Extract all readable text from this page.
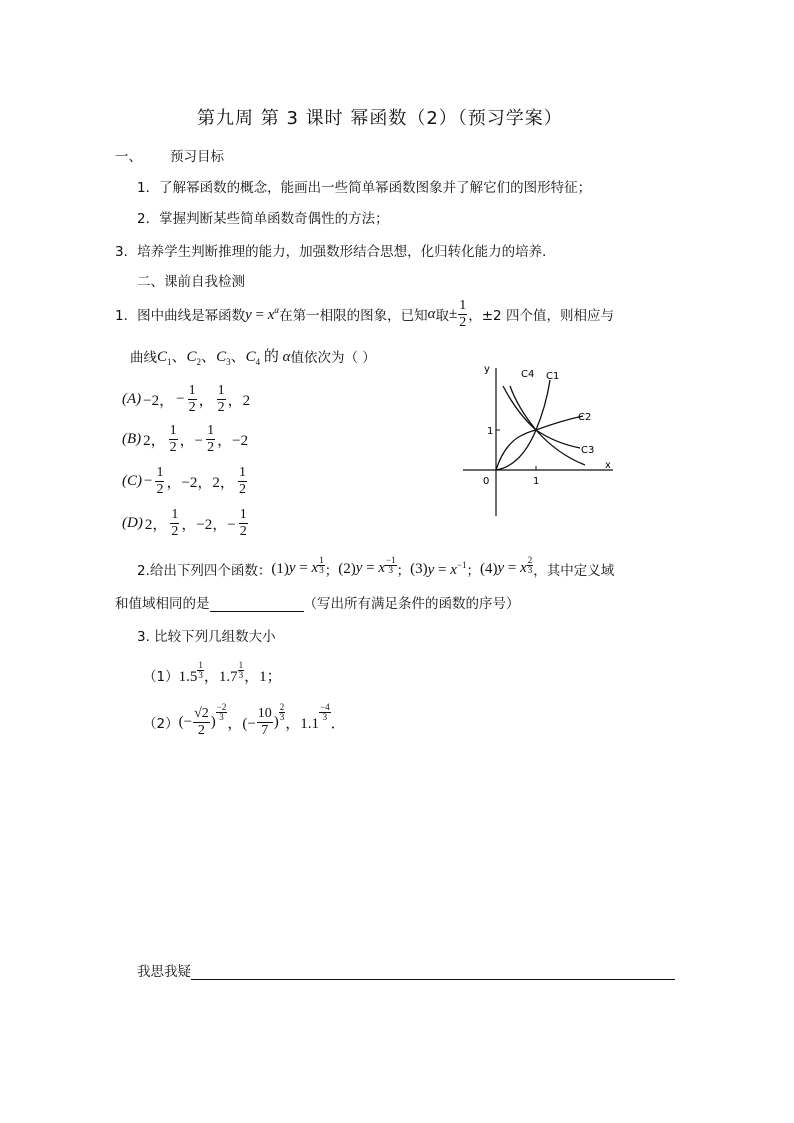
第九周 第 3 课时 幂函数（2）（预习学案）
一、 预习目标
1．了解幂函数的概念，能画出一些简单幂函数图象并了解它们的图形特征；
2．掌握判断某些简单函数奇偶性的方法；
3．培养学生判断推理的能力，加强数形结合思想，化归转化能力的培养．
二、课前自我检测
1．图中曲线是幂函数 $y = x^\alpha$ 在第一相限的图象，已知 α 取 ± $\frac{1}{2}$ ，±2 四个值，则相应与
曲线 $C_1$、$C_2$、$C_3$、$C_4$ 的 α 值依次为（ ）
(A) −2， − $\frac{1}{2}$ ， $\frac{1}{2}$ ，2
(B) 2， $\frac{1}{2}$ ，− $\frac{1}{2}$ ，−2
$(C) - \frac{1}{2}$ ，−2，2， $\frac{1}{2}$
(D) 2， $\frac{1}{2}$ ，−2，− $\frac{1}{2}$
x
y
0	1
1
C4 C1
C2
C3
2.给出下列四个函数： (1) y = x $^{\frac{1}{3}}$ ； (2) y = x $^{\frac{-1}{3}}$ ； (3) $y = x^{-1}$ ； (4) y = x $^{\frac{2}{3}}$ ，其中定义域
和值域相同的是	（写出所有满足条件的函数的序号）
3. 比较下列几组数大小
（1） 1.5 $^{\frac{1}{3}}$ ，1.7 $^{\frac{1}{3}}$ ，1；
（2） (− $\frac{√2}{2}$ )
$^{-2 3}$ ，(− $\frac{10}{7}$ )
$^{2 3}$ ，1.1
$^{-4 3}$ ．
我思我疑
